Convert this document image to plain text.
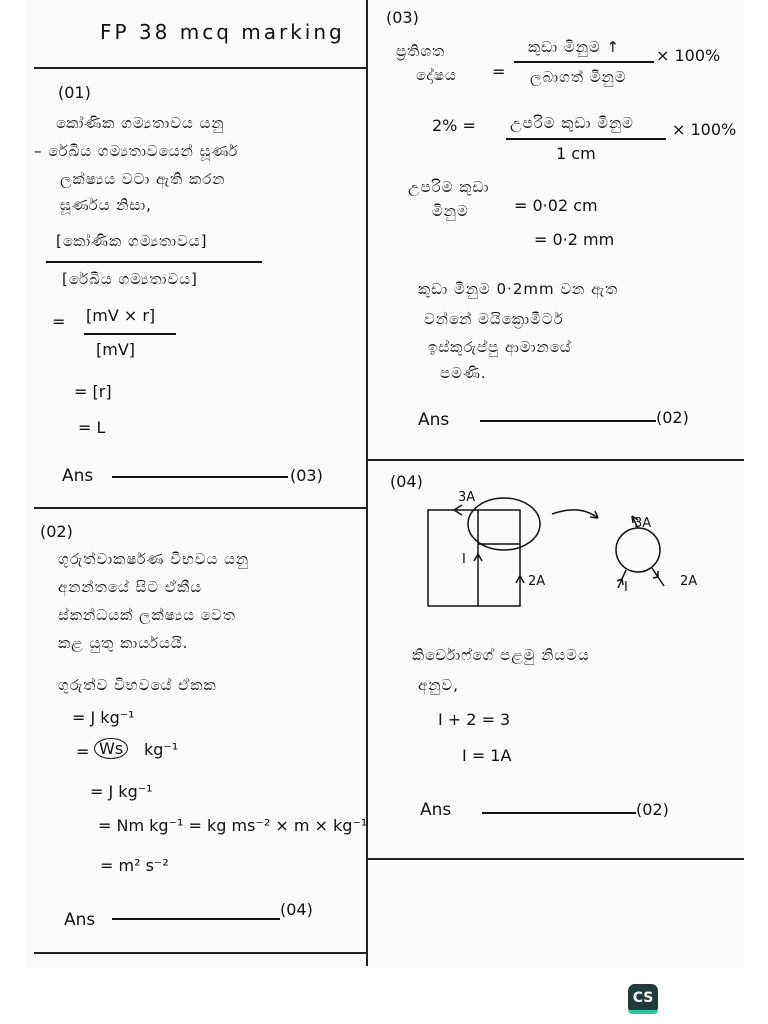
FP 38 mcq marking
(01)
කෝණික ගම්‍යතාවය යනු
– රේඛීය ගම්‍යතාවයෙන් ඝූර්ණ
ලක්ෂ්‍යය වටා ඇති කරන
ඝූර්ණය නිසා,
[කෝණික ගම්‍යතාවය]
[රේඛීය ගම්‍යතාවය]
= [mV × r]
[mV]
= [r]
= L
Ans	(03)
(02)
ගුරුත්වාකර්ෂණ විභවය යනු
අනන්තයේ සිට ඒකීය
ස්කන්ධයක් ලක්ෂ්‍යය වෙත
කළ යුතු කාර්යයයි.
ගුරුත්ව විභවයේ ඒකක
= J kg⁻¹
= Ws	kg⁻¹
= J kg⁻¹
= Nm kg⁻¹ = kg ms⁻² × m × kg⁻¹
= m² s⁻²
Ans
(04)
(03)
ප්‍රතිශත
දෝෂය =
කුඩා මිනුම ↑
ලබාගත් මිනුම
× 100%
2% = උපරිම කුඩා මිනුම
1 cm
× 100%
උපරිම කුඩා
මිනුම	= 0·02 cm
= 0·2 mm
කුඩා මිනුම 0·2mm වන ඇත
වන්නේ මයික්‍රොමීටර්
ඉස්කුරුප්පු ආමානයේ
පමණි.
Ans	(02)
(04)
3A
I
2A
3A
I	2A
කිර්චොෆ්ගේ පළමු නියමය
අනුව,
I + 2 = 3
I = 1A
Ans	(02)
CS
